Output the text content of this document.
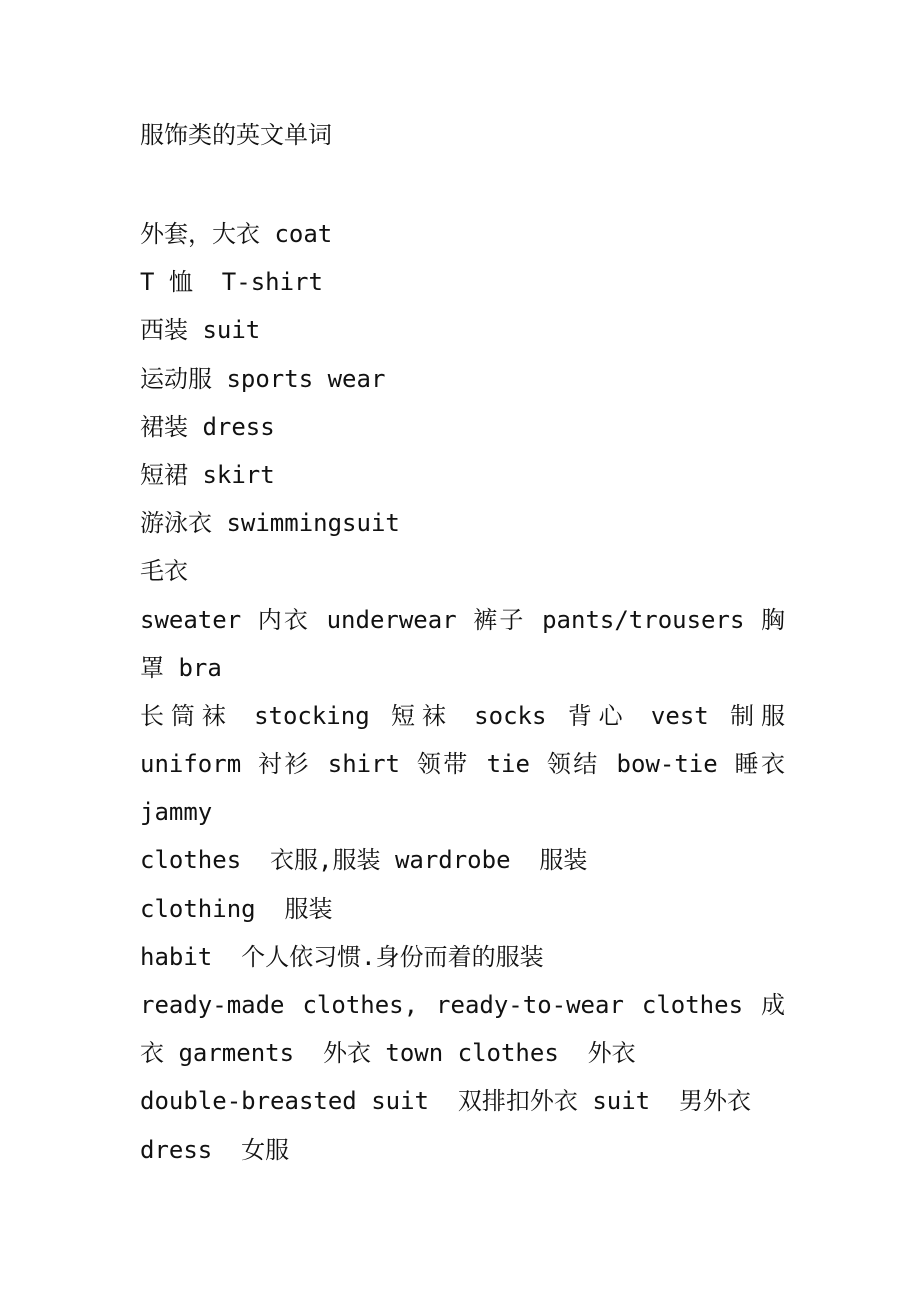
服饰类的英文单词
外套，大衣 coat
T 恤  T-shirt
西装 suit
运动服 sports wear
裙装 dress
短裙 skirt
游泳衣 swimmingsuit
毛衣
sweater 内衣 underwear 裤子 pants/trousers 胸
罩 bra
长筒袜 stocking 短袜 socks 背心 vest 制服
uniform 衬衫 shirt 领带 tie 领结 bow-tie 睡衣
jammy
clothes  衣服,服装 wardrobe  服装
clothing  服装
habit  个人依习惯.身份而着的服装
ready-made clothes, ready-to-wear clothes 成
衣 garments  外衣 town clothes  外衣
double-breasted suit  双排扣外衣 suit  男外衣
dress  女服
